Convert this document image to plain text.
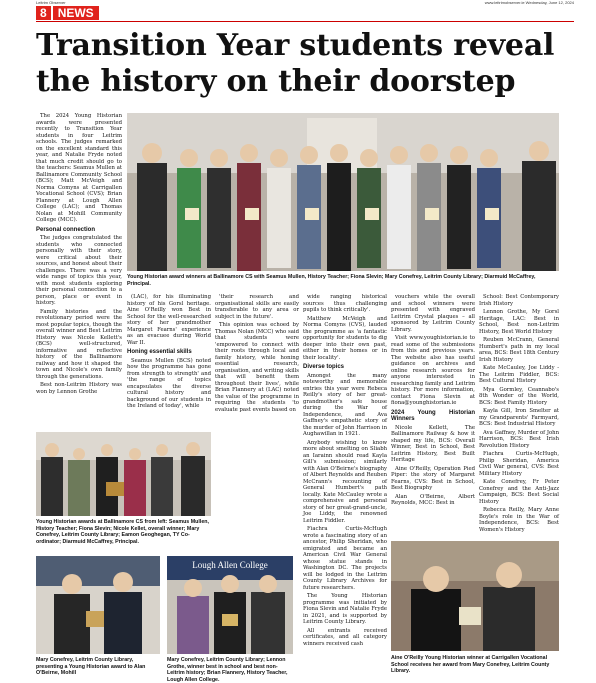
Leitrim Observer	www.leitrimobserver.ie Wednesday, June 12, 2024
8 NEWS
Transition Year students reveal the history on their doorstep

The 2024 Young Historian awards were presented recently to Transition Year students in four Leitrim schools. The judges remarked on the excellent standard this year, and Natalie Fryde noted that much credit should go to the teachers: Seamus Mullen at Ballinamore Community School (BCS); Matt McVeigh and Norma Comyns at Carrigallen Vocational School (CVS); Brian Flannery at Lough Allen College (LAC); and Thomas Nolan at Mohill Community College (MCC).

Personal connection

The judges congratulated the students who connected personally with their story, were critical about their sources, and honest about their challenges. There was a very wide range of topics this year, with most students exploring their personal connection to a person, place or event in history.

Family histories and the revolutionary period were the most popular topics, though the overall winner and Best Leitrim History was Nicole Kellett's (BCS) well-structured, informative and reflective history of the Ballinamore railway and how it shaped the town and Nicole's own family through the generations.

Best non-Leitrim History was won by Lennon Grothe

Young Historian award winners at Ballinamore CS with Seamus Mullen, History Teacher; Fiona Slevin; Mary Conefrey, Leitrim County Library; Diarmuid McCaffrey, Principal.

(LAC), for his illuminating history of his Gorsl heritage. Aine O'Reilly won Best in School for the well-researched story of her grandmother Margaret Fearns' experience as an evacuee during World War II.

Honing essential skills

Seamus Mullen (BCS) noted how the programme has gone from strength to strength' and 'the range of topics encapsulates the diverse cultural history and background of our students in the Ireland of today', while

'their research and organisational skills are easily transferable to any area or subject in the future'.

This opinion was echoed by Thomas Nolan (MCC) who said that students were 'empowered to connect with their roots through local and family history, while honing essential research, organisation, and writing skills that will benefit them throughout their lives', while Brian Flannery at (LAC) noted the value of the programme in requiring the students 'to evaluate past events based on

wide ranging historical sources thus challenging pupils to think critically'.

Matthew McVeigh and Norma Comyns (CVS), lauded the programme as 'a fantastic opportunity for students to dig deeper into their own past, either in their homes or in their locality'.

Diverse topics

Amongst the many noteworthy and memorable entries this year were Rebeca Reilly's story of her great-grandmother's safe house during the War of Independence, and Ava Gaffney's empathetic story of the murder of John Harrison in Aughawillan in 1921.

Anybody wishing to know more about smelting on Sliabh an Iarainn should read Kayla Gill's submission; similarly with Alan O'Beirne's biography of Albert Reynolds and Reuben McCrann's recounting of General Humbert's path locally. Kate McCauley wrote a comprehensive and personal story of her great-grand-uncle, Joe Liddy, the renowned Leitrim Fiddler.

Fiachra Curtis-McHugh wrote a fascinating story of an ancestor, Philip Sheridan, who emigrated and became an American Civil War General whose statue stands in Washington DC. The projects will be lodged in the Leitrim County Library Archives for future researchers.

The Young Historian programme was initiated by Fiona Slevin and Natalie Fryde in 2021, and is supported by Leitrim County Library.

All entrants received certificates, and all category winners received cash

vouchers while the overall and school winners were presented with engraved Leitrim Crystal plaques – all sponsored by Leitrim County Library.

Visit www.youghistorian.ie to read some of the submissions from this and previous years. The website also has useful guidance on archives and online research sources for anyone interested in researching family and Leitrim history. For more information, contact Fiona Slevin at fiona@younghistorian.ie

2024 Young Historian Winners

Nicole Kellett, The Ballinamore Railway & how it shaped my life, BCS: Overall Winner, Best in School, Best Leitrim History, Best Built Heritage

Aine O'Reilly, Operation Pied Piper: the story of Margaret Fearns, CVS: Best in School, Best Biography

Alan O'Beirne, Albert Reynolds, MCC: Best in

School: Best Contemporary Irish History

Lennon Grothe, My Gorsl Heritage, LAC: Best in School, Best non-Leitrim History, Best World History

Reuben McCrann, General Humbert's path in my local area, BCS: Best 18th Century Irish History

Kate McCauley, Joe Liddy - The Leitrim Fiddler, BCS: Best Cultural History

Mya Gormley, Ceannabo's 8th Wonder of the World, BCS: Best Family History

Kayla Gill, Iron Smelter at my Grandparents' Farmyard, BCS: Best Industrial History

Ava Gaffney, Murder of John Harrison, BCS: Best Irish Revolution History

Fiachra Curtis-McHugh, Philip Sheridan, America Civil War general, CVS: Best Military History

Kate Conefrey, Fr Peter Conefrey and the Anti-Jazz Campaign, BCS: Best Social History

Rebecca Reilly, Mary Anne Boyle's role in the War of Independence, BCS: Best Women's History

Young Historian awards at Ballinamore CS from left: Seamus Mullen, History Teacher; Fiona Slevin; Nicole Kellet, overall winner; Mary Conefrey, Leitrim County Library; Eamon Geoghegan, TY Co-ordinator; Diarmuid McCaffrey, Principal.
Mary Conefrey, Leitrim County Library, presenting a Young Historian award to Alan O'Beirne, Mohill
Lough Allen College
Mary Conefrey, Leitrim County Library; Lennon Grothe, winner best in school and best non-Leitrim history; Brian Flannery, History Teacher, Lough Allen College.
Aine O'Reilly Young Historian winner at Carrigallen Vocational School receives her award from Mary Conefrey, Leitrim County Library.
